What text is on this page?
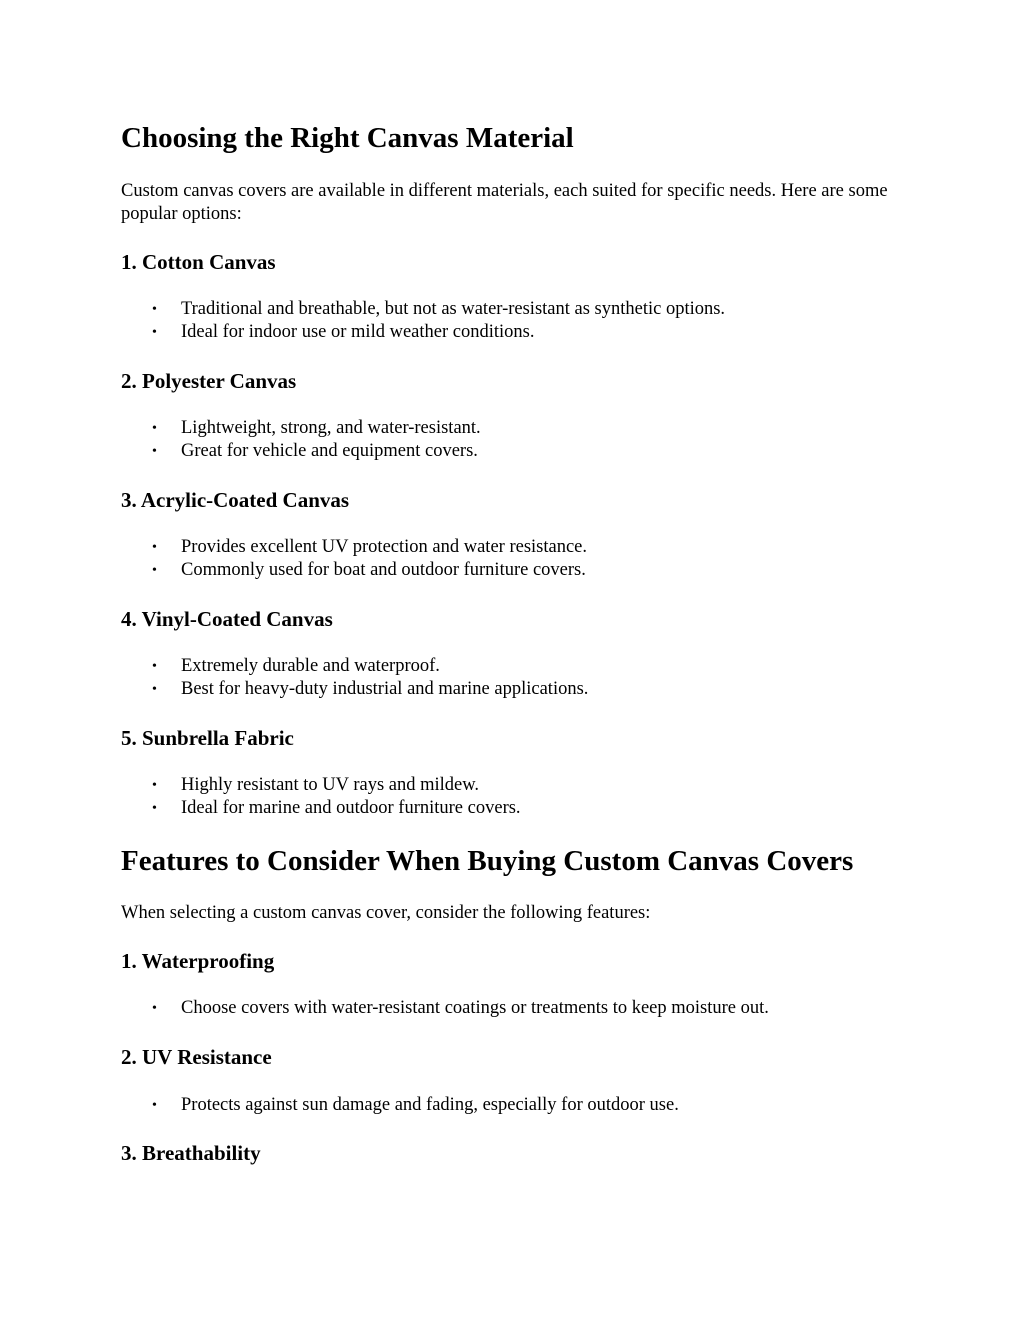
Choosing the Right Canvas Material

Custom canvas covers are available in different materials, each suited for specific needs. Here are some popular options:

1. Cotton Canvas
• Traditional and breathable, but not as water-resistant as synthetic options.
• Ideal for indoor use or mild weather conditions.
2. Polyester Canvas
• Lightweight, strong, and water-resistant.
• Great for vehicle and equipment covers.
3. Acrylic-Coated Canvas
• Provides excellent UV protection and water resistance.
• Commonly used for boat and outdoor furniture covers.
4. Vinyl-Coated Canvas
• Extremely durable and waterproof.
• Best for heavy-duty industrial and marine applications.
5. Sunbrella Fabric
• Highly resistant to UV rays and mildew.
• Ideal for marine and outdoor furniture covers.
Features to Consider When Buying Custom Canvas Covers

When selecting a custom canvas cover, consider the following features:

1. Waterproofing
• Choose covers with water-resistant coatings or treatments to keep moisture out.
2. UV Resistance
• Protects against sun damage and fading, especially for outdoor use.
3. Breathability
